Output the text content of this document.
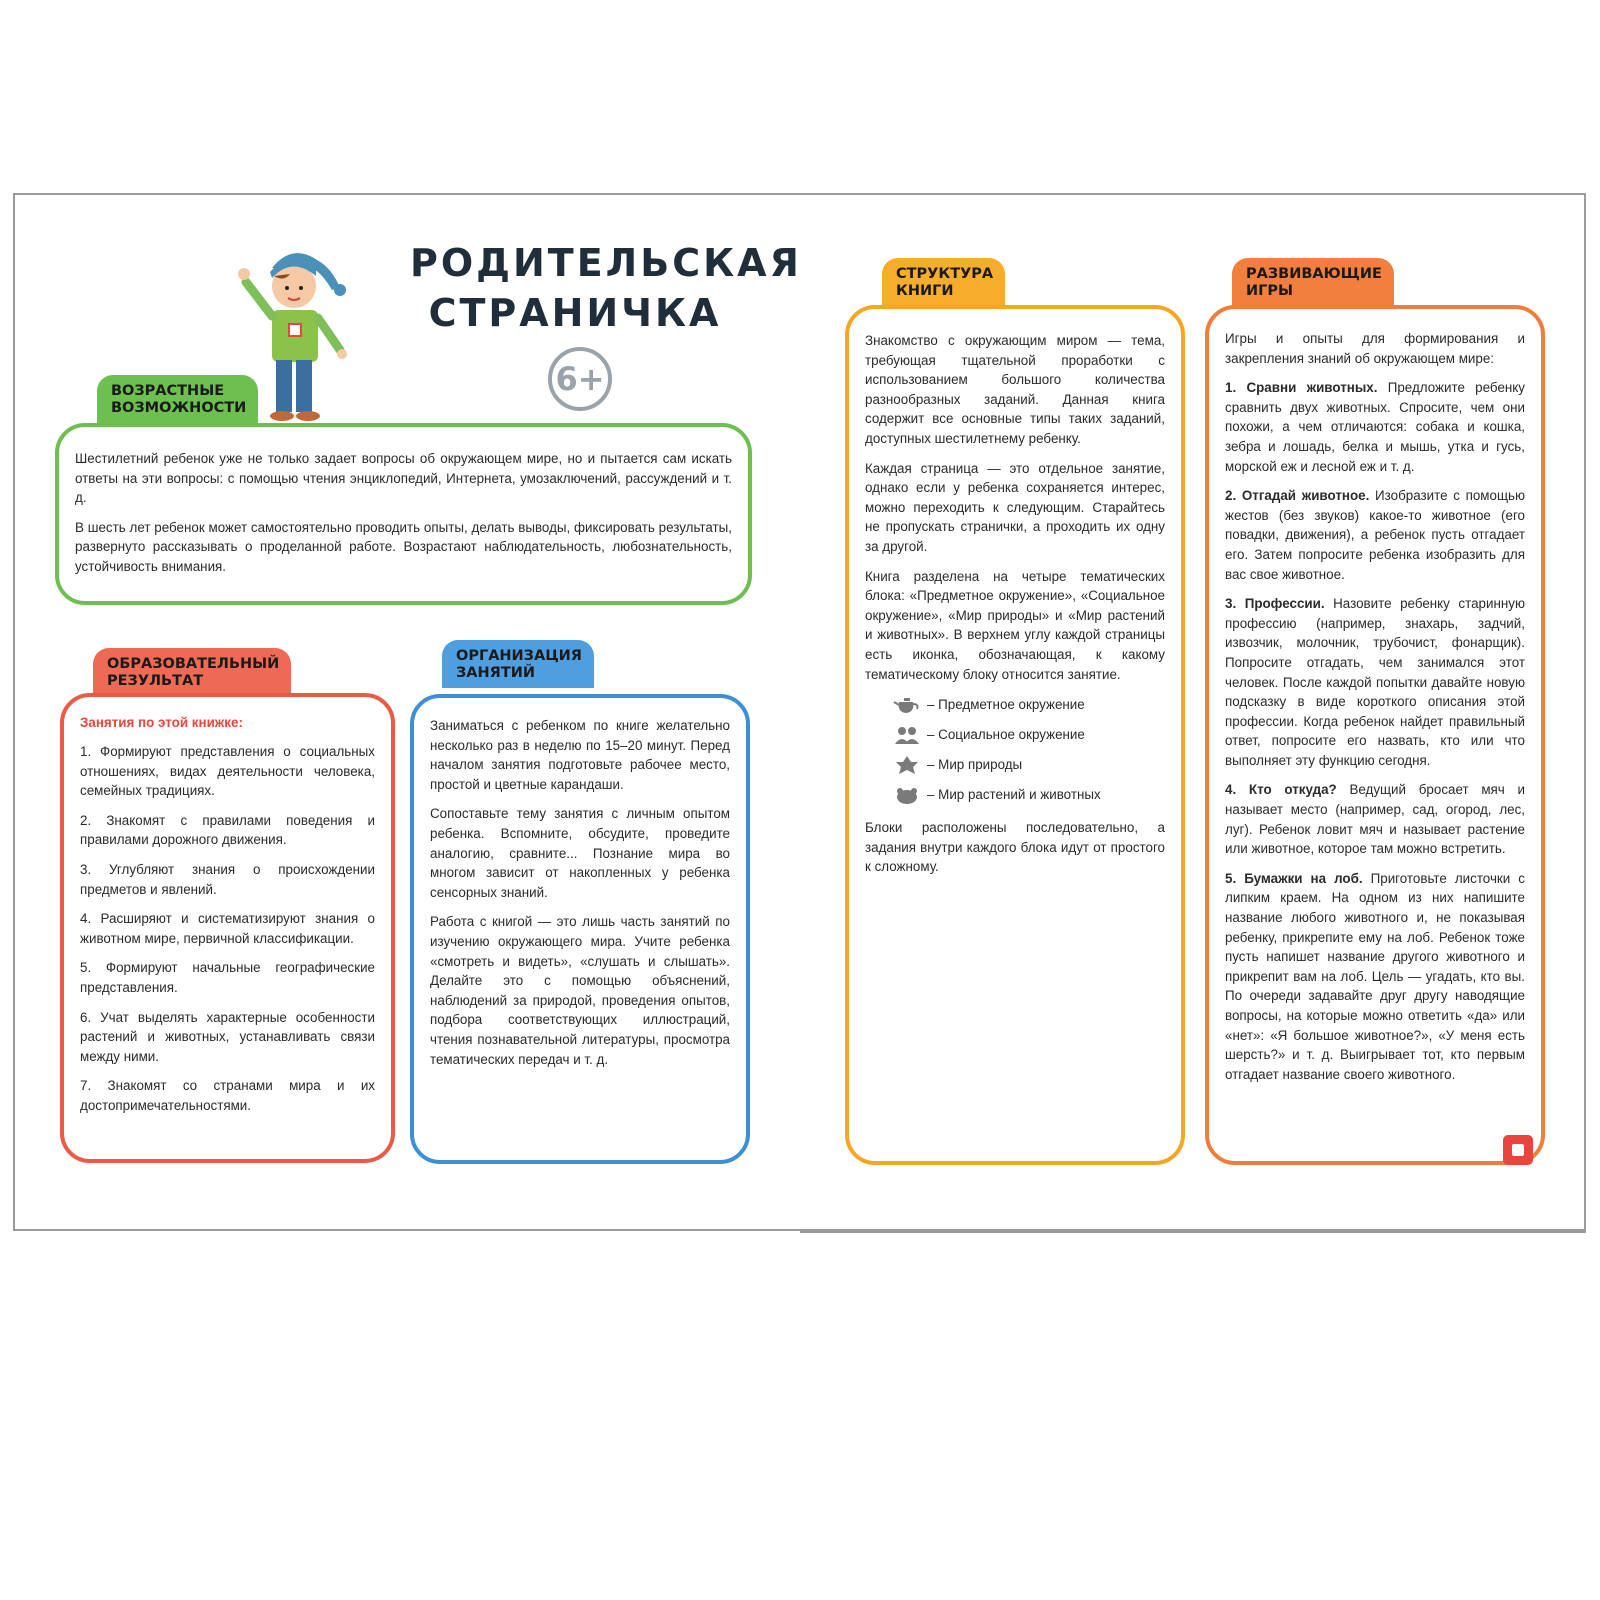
РОДИТЕЛЬСКАЯ
СТРАНИЧКА
6+
ВОЗРАСТНЫЕ
ВОЗМОЖНОСТИ

Шестилетний ребенок уже не только задает вопросы об окружающем мире, но и пытается сам искать ответы на эти вопросы: с помощью чтения энциклопедий, Интернета, умозаключений, рассуждений и т. д.

В шесть лет ребенок может самостоятельно проводить опыты, делать выводы, фиксировать результаты, развернуто рассказывать о проделанной работе. Возрастают наблюдательность, любознательность, устойчивость внимания.

ОБРАЗОВАТЕЛЬНЫЙ
РЕЗУЛЬТАТ
Занятия по этой книжке:
1. Формируют представления о социальных отношениях, видах деятельности человека, семейных традициях.
2. Знакомят с правилами поведения и правилами дорожного движения.
3. Углубляют знания о происхождении предметов и явлений.
4. Расширяют и систематизируют знания о животном мире, первичной классификации.
5. Формируют начальные географические представления.
6. Учат выделять характерные особенности растений и животных, устанавливать связи между ними.
7. Знакомят со странами мира и их достопримечательностями.
ОРГАНИЗАЦИЯ
ЗАНЯТИЙ

Заниматься с ребенком по книге желательно несколько раз в неделю по 15–20 минут. Перед началом занятия подготовьте рабочее место, простой и цветные карандаши.

Сопоставьте тему занятия с личным опытом ребенка. Вспомните, обсудите, проведите аналогию, сравните... Познание мира во многом зависит от накопленных у ребенка сенсорных знаний.

Работа с книгой — это лишь часть занятий по изучению окружающего мира. Учите ребенка «смотреть и видеть», «слушать и слышать». Делайте это с помощью объяснений, наблюдений за природой, проведения опытов, подбора соответствующих иллюстраций, чтения познавательной литературы, просмотра тематических передач и т. д.

СТРУКТУРА
КНИГИ

Знакомство с окружающим миром — тема, требующая тщательной проработки с использованием большого количества разнообразных заданий. Данная книга содержит все основные типы таких заданий, доступных шестилетнему ребенку.

Каждая страница — это отдельное занятие, однако если у ребенка сохраняется интерес, можно переходить к следующим. Старайтесь не пропускать странички, а проходить их одну за другой.

Книга разделена на четыре тематических блока: «Предметное окружение», «Социальное окружение», «Мир природы» и «Мир растений и животных». В верхнем углу каждой страницы есть иконка, обозначающая, к какому тематическому блоку относится занятие.

– Предметное окружение
– Социальное окружение
– Мир природы
– Мир растений и животных

Блоки расположены последовательно, а задания внутри каждого блока идут от простого к сложному.

РАЗВИВАЮЩИЕ
ИГРЫ

Игры и опыты для формирования и закрепления знаний об окружающем мире:

1. Сравни животных. Предложите ребенку сравнить двух животных. Спросите, чем они похожи, а чем отличаются: собака и кошка, зебра и лошадь, белка и мышь, утка и гусь, морской еж и лесной еж и т. д.
2. Отгадай животное. Изобразите с помощью жестов (без звуков) какое-то животное (его повадки, движения), а ребенок пусть отгадает его. Затем попросите ребенка изобразить для вас свое животное.
3. Профессии. Назовите ребенку старинную профессию (например, знахарь, задчий, извозчик, молочник, трубочист, фонарщик). Попросите отгадать, чем занимался этот человек. После каждой попытки давайте новую подсказку в виде короткого описания этой профессии. Когда ребенок найдет правильный ответ, попросите его назвать, кто или что выполняет эту функцию сегодня.
4. Кто откуда? Ведущий бросает мяч и называет место (например, сад, огород, лес, луг). Ребенок ловит мяч и называет растение или животное, которое там можно встретить.
5. Бумажки на лоб. Приготовьте листочки с липким краем. На одном из них напишите название любого животного и, не показывая ребенку, прикрепите ему на лоб. Ребенок тоже пусть напишет название другого животного и прикрепит вам на лоб. Цель — угадать, кто вы. По очереди задавайте друг другу наводящие вопросы, на которые можно ответить «да» или «нет»: «Я большое животное?», «У меня есть шерсть?» и т. д. Выигрывает тот, кто первым отгадает название своего животного.
